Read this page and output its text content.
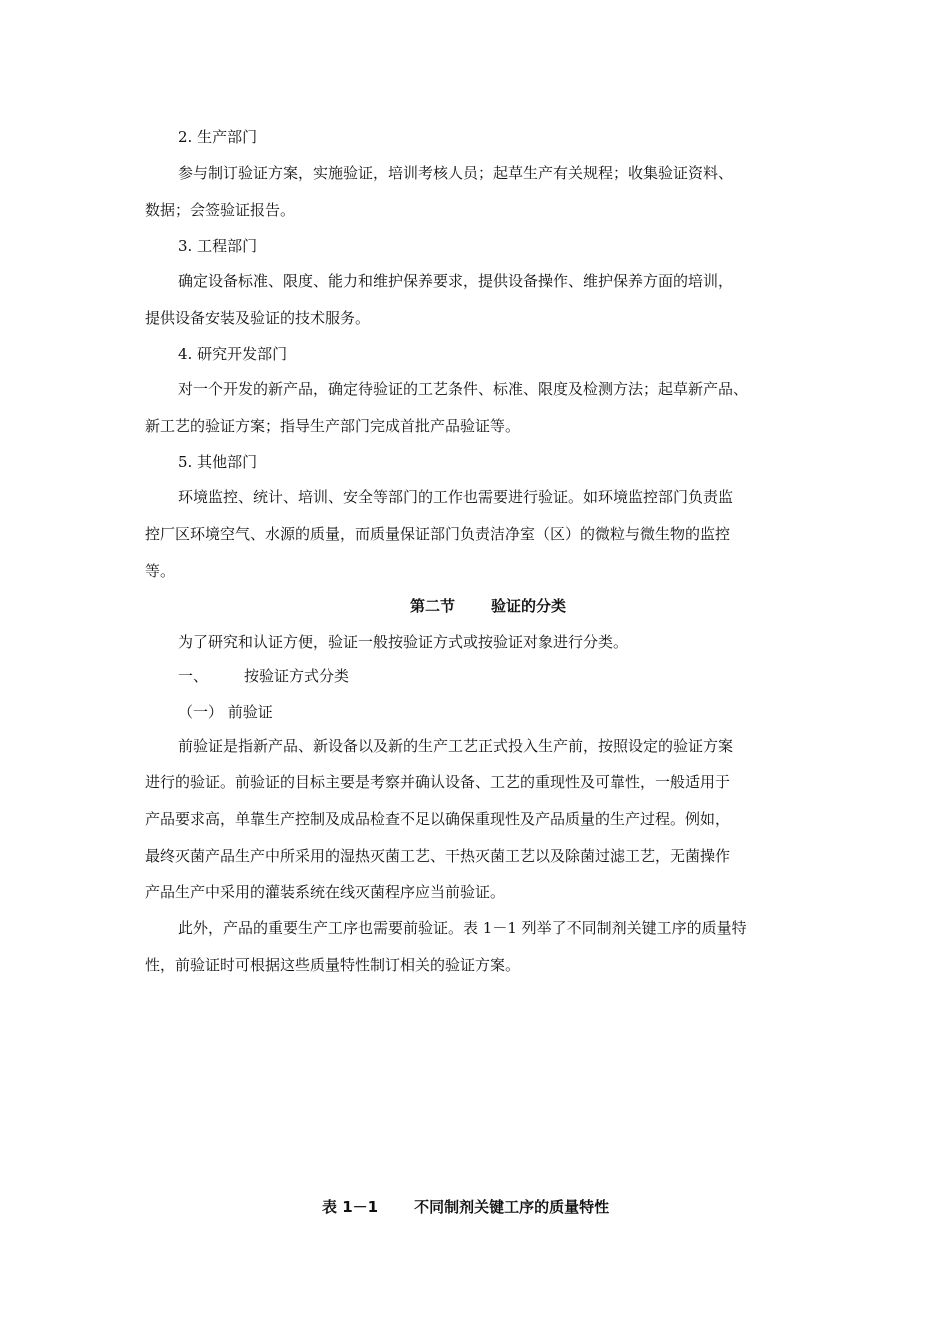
2. 生产部门
参与制订验证方案，实施验证，培训考核人员；起草生产有关规程；收集验证资料、
数据；会签验证报告。
3. 工程部门
确定设备标准、限度、能力和维护保养要求，提供设备操作、维护保养方面的培训，
提供设备安装及验证的技术服务。
4. 研究开发部门
对一个开发的新产品，确定待验证的工艺条件、标准、限度及检测方法；起草新产品、
新工艺的验证方案；指导生产部门完成首批产品验证等。
5. 其他部门
环境监控、统计、培训、安全等部门的工作也需要进行验证。如环境监控部门负责监
控厂区环境空气、水源的质量，而质量保证部门负责洁净室（区）的微粒与微生物的监控
等。
第二节 验证的分类
为了研究和认证方便，验证一般按验证方式或按验证对象进行分类。
一、 按验证方式分类
（一） 前验证
前验证是指新产品、新设备以及新的生产工艺正式投入生产前，按照设定的验证方案
进行的验证。前验证的目标主要是考察并确认设备、工艺的重现性及可靠性，一般适用于
产品要求高，单靠生产控制及成品检查不足以确保重现性及产品质量的生产过程。例如，
最终灭菌产品生产中所采用的湿热灭菌工艺、干热灭菌工艺以及除菌过滤工艺，无菌操作
产品生产中采用的灌装系统在线灭菌程序应当前验证。
此外，产品的重要生产工序也需要前验证。表 1－1 列举了不同制剂关键工序的质量特
性，前验证时可根据这些质量特性制订相关的验证方案。
表 1－1 不同制剂关键工序的质量特性
